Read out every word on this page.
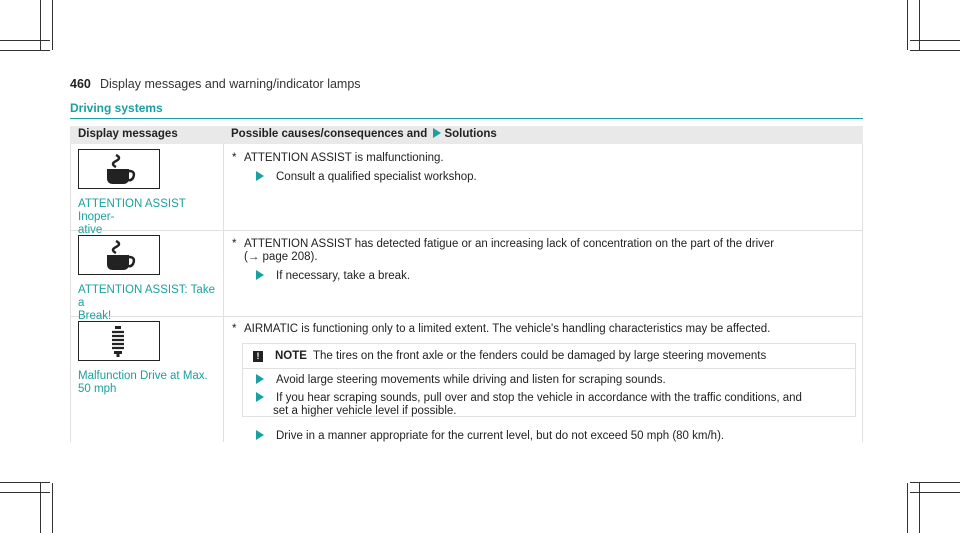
460 Display messages and warning/indicator lamps
Driving systems
Display messages	Possible causes/consequences and Solutions
ATTENTION ASSIST Inoper-
ative
* ATTENTION ASSIST is malfunctioning.
Consult a qualified specialist workshop.
ATTENTION ASSIST: Take a
Break!
* ATTENTION ASSIST has detected fatigue or an increasing lack of concentration on the part of the driver
(→ page 208).
If necessary, take a break.
Malfunction Drive at Max.
50 mph
* AIRMATIC is functioning only to a limited extent. The vehicle's handling characteristics may be affected.
!	NOTE The tires on the front axle or the fenders could be damaged by large steering movements
Avoid large steering movements while driving and listen for scraping sounds.
If you hear scraping sounds, pull over and stop the vehicle in accordance with the traffic conditions, and
set a higher vehicle level if possible.
Drive in a manner appropriate for the current level, but do not exceed 50 mph (80 km/h).
